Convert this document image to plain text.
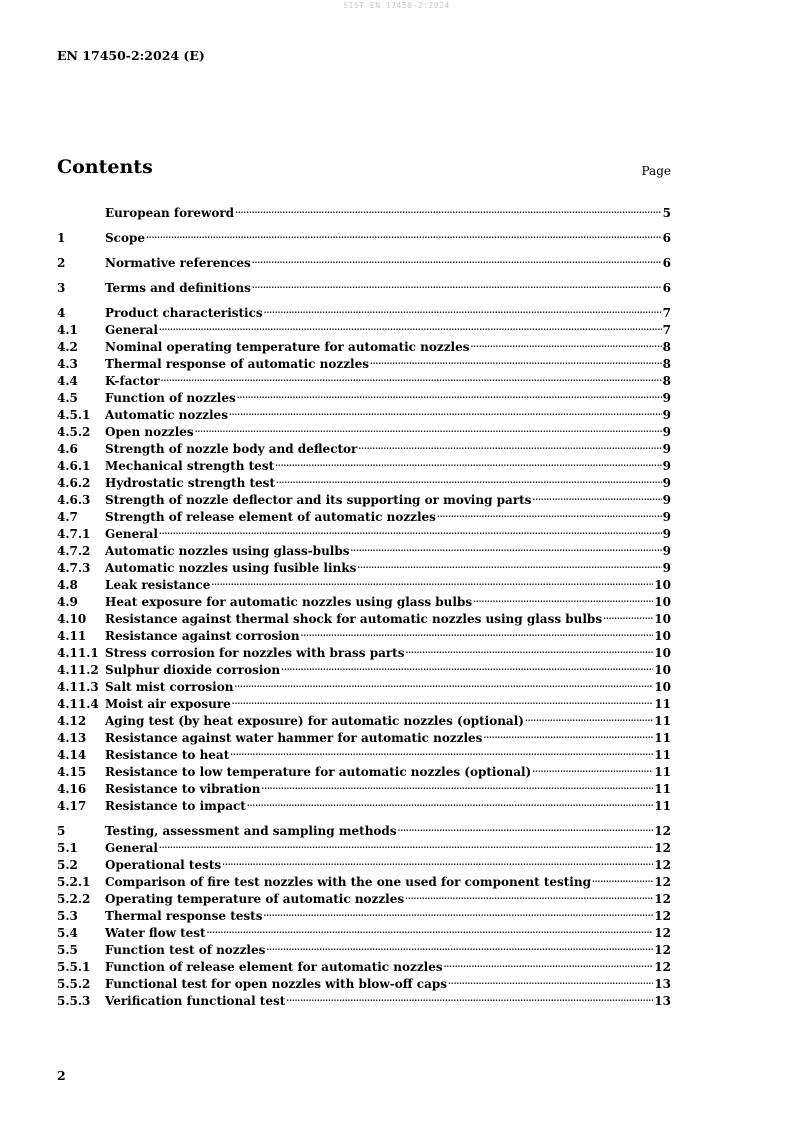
SIST EN 17450-2:2024
EN 17450-2:2024 (E)
Contents	Page
European foreword .....	5
1	Scope .....	6
2	Normative references .....	6
3	Terms and definitions .....	6
4	Product characteristics .....	7
4.1	General .....	7
4.2	Nominal operating temperature for automatic nozzles .....	8
4.3	Thermal response of automatic nozzles .....	8
4.4	K-factor .....	8
4.5	Function of nozzles .....	9
4.5.1	Automatic nozzles .....	9
4.5.2	Open nozzles .....	9
4.6	Strength of nozzle body and deflector .....	9
4.6.1	Mechanical strength test .....	9
4.6.2	Hydrostatic strength test .....	9
4.6.3	Strength of nozzle deflector and its supporting or moving parts .....	9
4.7	Strength of release element of automatic nozzles .....	9
4.7.1	General .....	9
4.7.2	Automatic nozzles using glass-bulbs .....	9
4.7.3	Automatic nozzles using fusible links .....	9
4.8	Leak resistance .....	10
4.9	Heat exposure for automatic nozzles using glass bulbs .....	10
4.10	Resistance against thermal shock for automatic nozzles using glass bulbs .....	10
4.11	Resistance against corrosion .....	10
4.11.1 Stress corrosion for nozzles with brass parts .....	10
4.11.2 Sulphur dioxide corrosion .....	10
4.11.3 Salt mist corrosion .....	10
4.11.4 Moist air exposure .....	11
4.12	Aging test (by heat exposure) for automatic nozzles (optional) .....	11
4.13	Resistance against water hammer for automatic nozzles .....	11
4.14	Resistance to heat .....	11
4.15	Resistance to low temperature for automatic nozzles (optional) .....	11
4.16	Resistance to vibration .....	11
4.17	Resistance to impact .....	11
5	Testing, assessment and sampling methods .....	12
5.1	General .....	12
5.2	Operational tests .....	12
5.2.1	Comparison of fire test nozzles with the one used for component testing .....	12
5.2.2	Operating temperature of automatic nozzles .....	12
5.3	Thermal response tests .....	12
5.4	Water flow test .....	12
5.5	Function test of nozzles .....	12
5.5.1	Function of release element for automatic nozzles .....	12
5.5.2	Functional test for open nozzles with blow-off caps .....	13
5.5.3	Verification functional test .....	13
2
